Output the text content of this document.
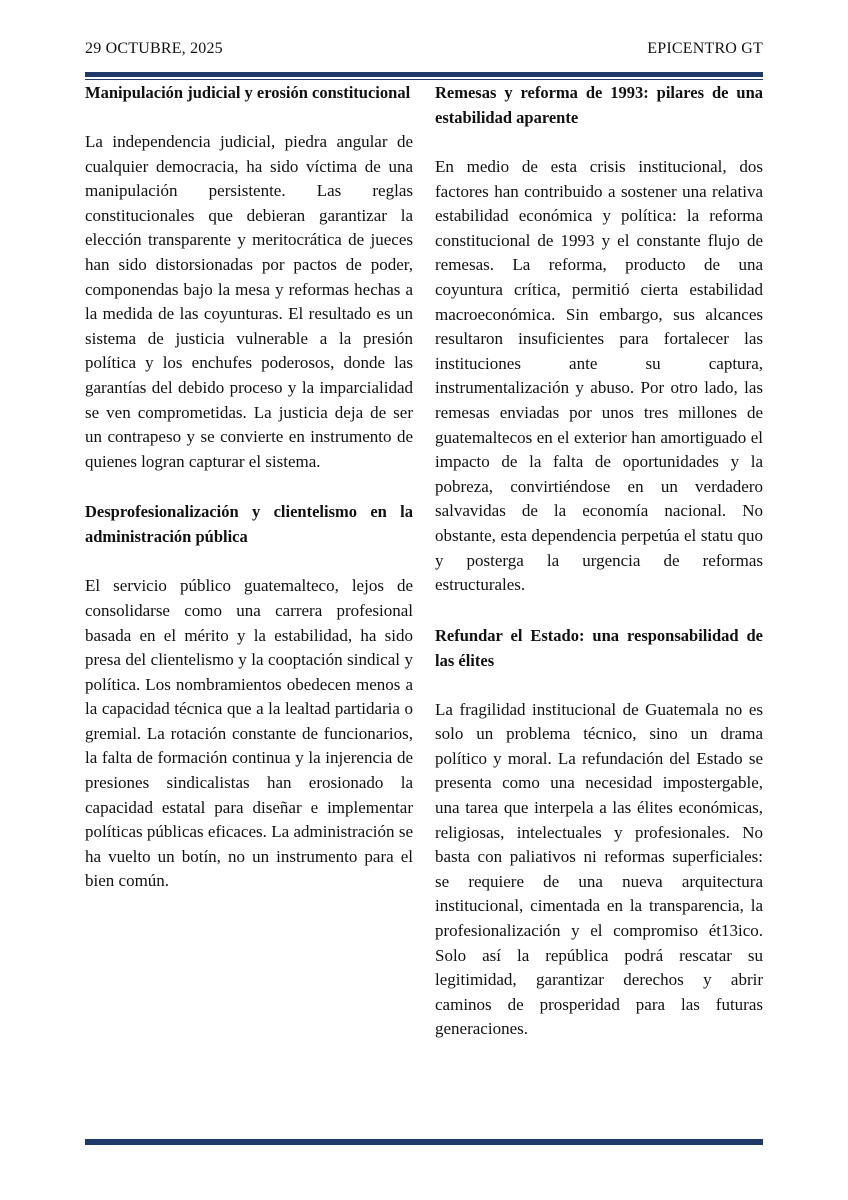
29 OCTUBRE, 2025	EPICENTRO GT
Manipulación judicial y erosión constitucional

La independencia judicial, piedra angular de cualquier democracia, ha sido víctima de una manipulación persistente. Las reglas constitucionales que debieran garantizar la elección transparente y meritocrática de jueces han sido distorsionadas por pactos de poder, componendas bajo la mesa y reformas hechas a la medida de las coyunturas. El resultado es un sistema de justicia vulnerable a la presión política y los enchufes poderosos, donde las garantías del debido proceso y la imparcialidad se ven comprometidas. La justicia deja de ser un contrapeso y se convierte en instrumento de quienes logran capturar el sistema.

Desprofesionalización y clientelismo en la administración pública

El servicio público guatemalteco, lejos de consolidarse como una carrera profesional basada en el mérito y la estabilidad, ha sido presa del clientelismo y la cooptación sindical y política. Los nombramientos obedecen menos a la capacidad técnica que a la lealtad partidaria o gremial. La rotación constante de funcionarios, la falta de formación continua y la injerencia de presiones sindicalistas han erosionado la capacidad estatal para diseñar e implementar políticas públicas eficaces. La administración se ha vuelto un botín, no un instrumento para el bien común.

Remesas y reforma de 1993: pilares de una estabilidad aparente

En medio de esta crisis institucional, dos factores han contribuido a sostener una relativa estabilidad económica y política: la reforma constitucional de 1993 y el constante flujo de remesas. La reforma, producto de una coyuntura crítica, permitió cierta estabilidad macroeconómica. Sin embargo, sus alcances resultaron insuficientes para fortalecer las instituciones ante su captura, instrumentalización y abuso. Por otro lado, las remesas enviadas por unos tres millones de guatemaltecos en el exterior han amortiguado el impacto de la falta de oportunidades y la pobreza, convirtiéndose en un verdadero salvavidas de la economía nacional. No obstante, esta dependencia perpetúa el statu quo y posterga la urgencia de reformas estructurales.

Refundar el Estado: una responsabilidad de las élites

La fragilidad institucional de Guatemala no es solo un problema técnico, sino un drama político y moral. La refundación del Estado se presenta como una necesidad impostergable, una tarea que interpela a las élites económicas, religiosas, intelectuales y profesionales. No basta con paliativos ni reformas superficiales: se requiere de una nueva arquitectura institucional, cimentada en la transparencia, la profesionalización y el compromiso ét13ico. Solo así la república podrá rescatar su legitimidad, garantizar derechos y abrir caminos de prosperidad para las futuras generaciones.
